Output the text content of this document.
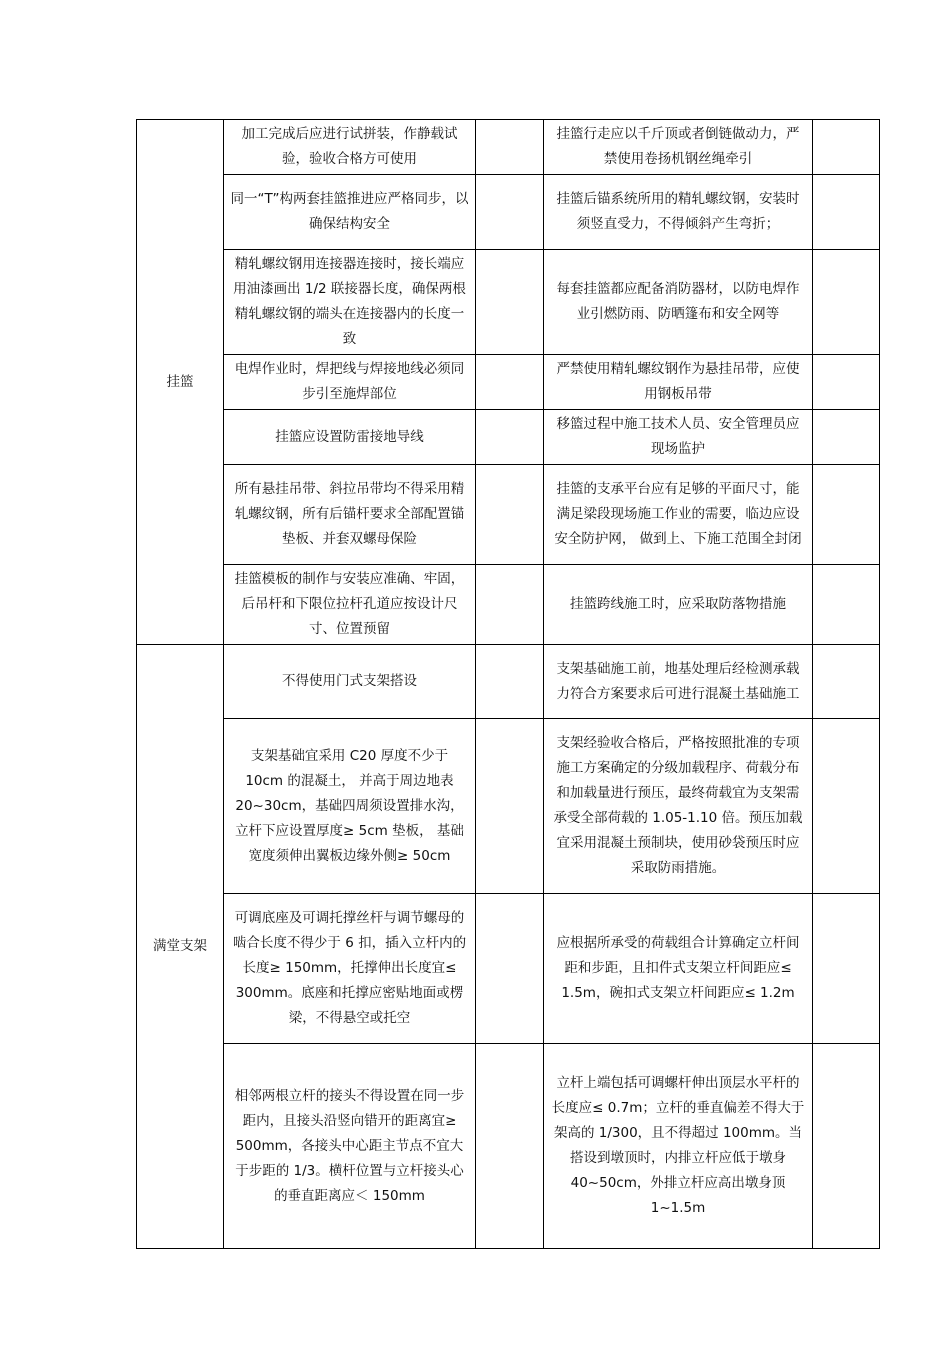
挂篮	加工完成后应进行试拼装，作静载试验，验收合格方可使用		挂篮行走应以千斤顶或者倒链做动力，严禁使用卷扬机钢丝绳牵引	
	同一“T”构两套挂篮推进应严格同步，以确保结构安全		挂篮后锚系统所用的精轧螺纹钢，安装时须竖直受力，不得倾斜产生弯折；	
	精轧螺纹钢用连接器连接时，接长端应用油漆画出 1/2 联接器长度，确保两根精轧螺纹钢的端头在连接器内的长度一致		每套挂篮都应配备消防器材，以防电焊作业引燃防雨、防晒篷布和安全网等	
	电焊作业时，焊把线与焊接地线必须同步引至施焊部位		严禁使用精轧螺纹钢作为悬挂吊带，应使用钢板吊带	
	挂篮应设置防雷接地导线		移篮过程中施工技术人员、安全管理员应现场监护	
	所有悬挂吊带、斜拉吊带均不得采用精轧螺纹钢，所有后锚杆要求全部配置锚垫板、并套双螺母保险		挂篮的支承平台应有足够的平面尺寸，能满足梁段现场施工作业的需要，临边应设安全防护网， 做到上、下施工范围全封闭	
	挂篮模板的制作与安装应准确、牢固，后吊杆和下限位拉杆孔道应按设计尺寸、位置预留		挂篮跨线施工时，应采取防落物措施	
满堂支架	不得使用门式支架搭设		支架基础施工前，地基处理后经检测承载力符合方案要求后可进行混凝土基础施工	
	支架基础宜采用 C20 厚度不少于 10cm 的混凝土， 并高于周边地表 20~30cm，基础四周须设置排水沟，立杆下应设置厚度≥ 5cm 垫板， 基础宽度须伸出翼板边缘外侧≥ 50cm		支架经验收合格后，严格按照批准的专项施工方案确定的分级加载程序、荷载分布和加载量进行预压，最终荷载宜为支架需承受全部荷载的 1.05-1.10 倍。预压加载宜采用混凝土预制块，使用砂袋预压时应采取防雨措施。	
	可调底座及可调托撑丝杆与调节螺母的啮合长度不得少于 6 扣，插入立杆内的长度≥ 150mm，托撑伸出长度宜≤ 300mm。底座和托撑应密贴地面或楞梁，不得悬空或托空		应根据所承受的荷载组合计算确定立杆间距和步距，且扣件式支架立杆间距应≤ 1.5m，碗扣式支架立杆间距应≤ 1.2m	
	相邻两根立杆的接头不得设置在同一步距内，且接头沿竖向错开的距离宜≥ 500mm，各接头中心距主节点不宜大于步距的 1/3。横杆位置与立杆接头心的垂直距离应＜ 150mm		立杆上端包括可调螺杆伸出顶层水平杆的长度应≤ 0.7m；立杆的垂直偏差不得大于架高的 1/300，且不得超过 100mm。当搭设到墩顶时，内排立杆应低于墩身 40~50cm，外排立杆应高出墩身顶 1~1.5m	
